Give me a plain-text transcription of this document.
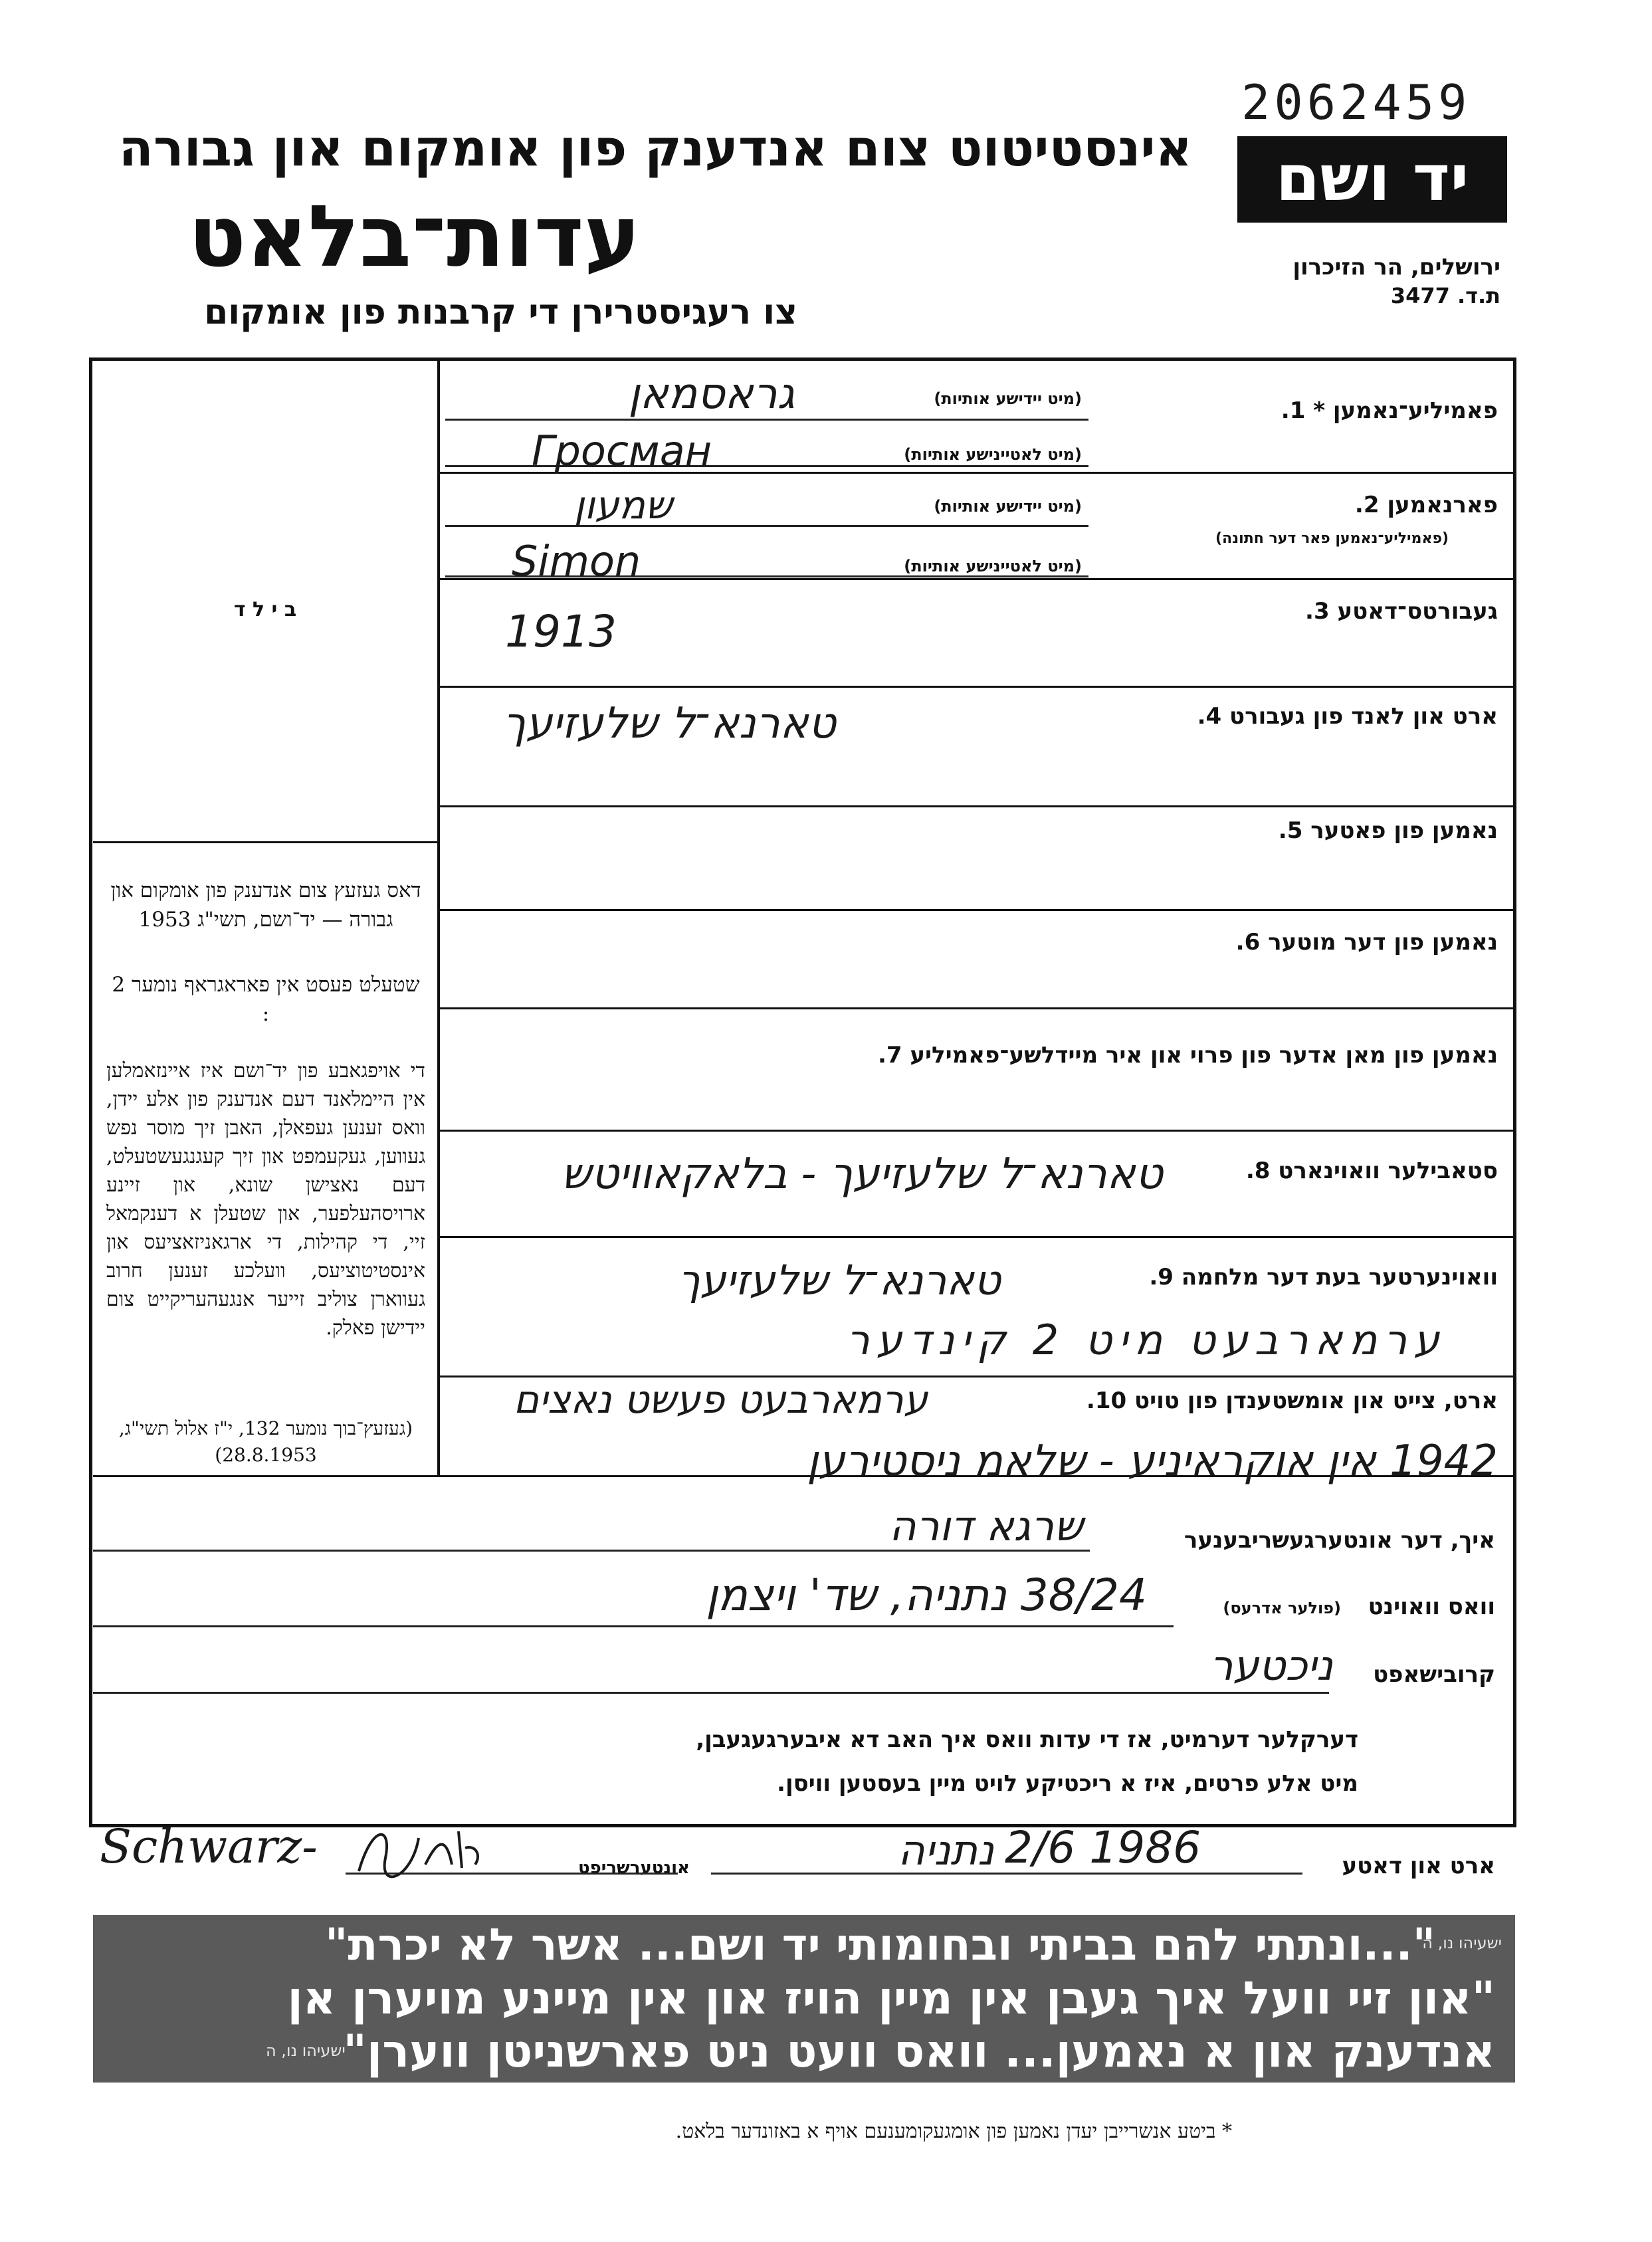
2062459
אינסטיטוט צום אנדענק פון אומקום און גבורה	יד ושם
עדות־בלאט	ירושלים, הר הזיכרון
ת.ד. 3477
צו רעגיסטרירן די קרבנות פון אומקום
ב י ל ד
דאס געזעץ צום אנדענק פון אומקום און גבורה — יד־ושם, תשי"ג 1953
שטעלט פעסט אין פאראגראף נומער 2 :
די אויפגאבע פון יד־ושם איז איינזאמלען אין היימלאנד דעם אנדענק פון אלע יידן, וואס זענען געפאלן, האבן זיך מוסר נפש געווען, געקעמפט און זיך קעגנגעשטעלט, דעם נאצישן שונא, און זיינע ארויסהעלפער, און שטעלן א דענקמאל זיי, די קהילות, די ארגאניזאציעס און אינסטיטוציעס, וועלכע זענען חרוב געווארן צוליב זייער אנגעהעריקייט צום יידישן פאלק.
(געזעץ־בוך נומער 132, י"ז אלול תשי"ג, 28.8.1953)
פאמיליע־נאמען * 1.
(מיט יידישע אותיות)
(מיט לאטיינישע אותיות)
גראסמאן
Гросман
פארנאמען 2.
(פאמיליע־נאמען פאר דער חתונה)
(מיט יידישע אותיות)
(מיט לאטיינישע אותיות)
שמעון
Simon
געבורטס־דאטע 3.
1913
ארט און לאנד פון געבורט 4.
טארנא־ל שלעזיעך
נאמען פון פאטער 5.
נאמען פון דער מוטער 6.
נאמען פון מאן אדער פון פרוי און איר מיידלשע־פאמיליע 7.
סטאבילער וואוינארט 8.
טארנא־ל שלעזיעך - בלאקאוויטש
וואוינערטער בעת דער מלחמה 9.
טארנא־ל שלעזיעך
ערמארבעט מיט 2 קינדער
ארט, צייט און אומשטענדן פון טויט 10.
ערמארבעט פעשט נאצים
1942 אין אוקראיניע - שלאמ ניסטירען
איך, דער אונטערגעשריבענער
שרגא דורה
וואס וואוינט
(פולער אדרעס)
38/24 נתניה, שד' ויצמן
קרובישאפט
ניכטער
דערקלער דערמיט, אז די עדות וואס איך האב דא איבערגעגעבן,
מיט אלע פרטים, איז א ריכטיקע לויט מיין בעסטען וויסן.
ארט און דאטע
נתניה 2/6 1986
אונטערשריפט
Schwarz-
"...ונתתי להם בביתי ובחומותי יד ושם... אשר לא יכרת"
ישעיהו נו, ה
"און זיי וועל איך געבן אין מיין הויז און אין מיינע מויערן אן
אנדענק און א נאמען... וואס וועט ניט פארשניטן ווערן"
ישעיהו נו, ה
* ביטע אנשרייבן יעדן נאמען פון אומגעקומענעם אויף א באזונדער בלאט.
